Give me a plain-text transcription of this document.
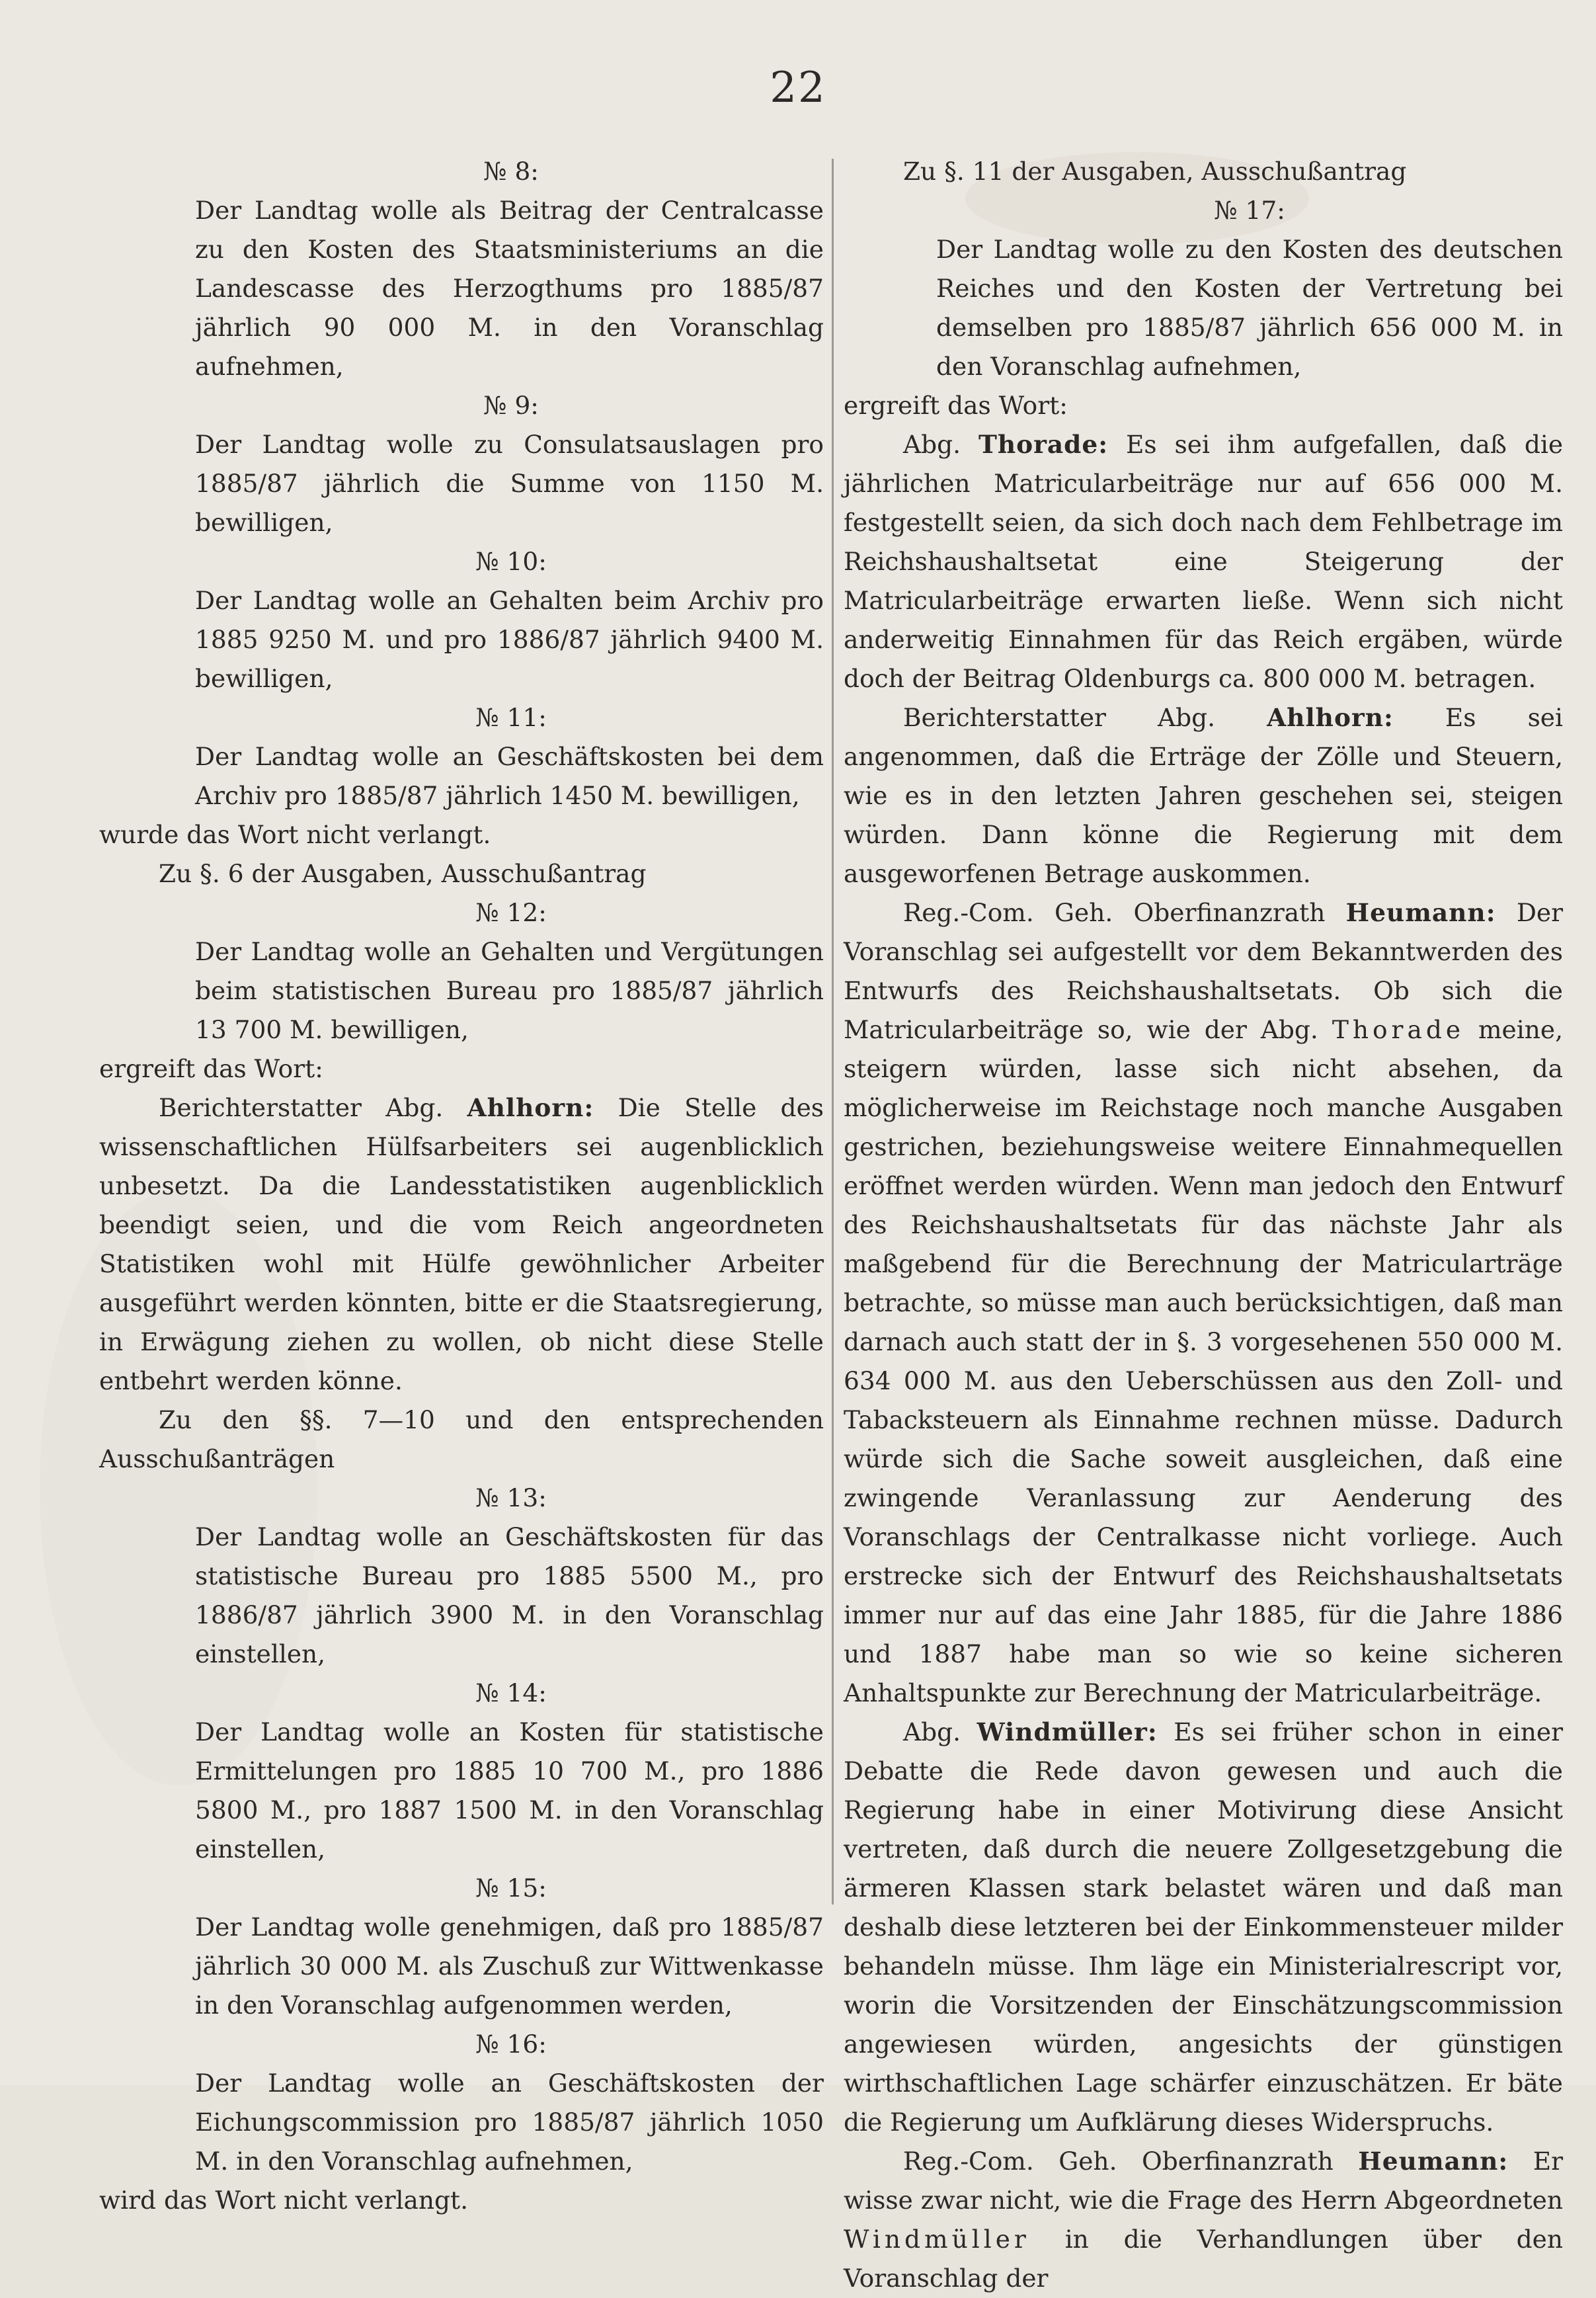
22

№ 8:

Der Landtag wolle als Beitrag der Centralcasse zu den Kosten des Staatsministeriums an die Landescasse des Herzogthums pro 1885/87 jährlich 90 000 M. in den Voranschlag aufnehmen,

№ 9:

Der Landtag wolle zu Consulatsauslagen pro 1885/87 jährlich die Summe von 1150 M. bewilligen,

№ 10:

Der Landtag wolle an Gehalten beim Archiv pro 1885 9250 M. und pro 1886/87 jährlich 9400 M. bewilligen,

№ 11:

Der Landtag wolle an Geschäftskosten bei dem Archiv pro 1885/87 jährlich 1450 M. bewilligen,

wurde das Wort nicht verlangt.

Zu §. 6 der Ausgaben, Ausschußantrag

№ 12:

Der Landtag wolle an Gehalten und Vergütungen beim statistischen Bureau pro 1885/87 jährlich 13 700 M. bewilligen,

ergreift das Wort:

Berichterstatter Abg. Ahlhorn: Die Stelle des wissenschaftlichen Hülfsarbeiters sei augenblicklich unbesetzt. Da die Landesstatistiken augenblicklich beendigt seien, und die vom Reich angeordneten Statistiken wohl mit Hülfe gewöhnlicher Arbeiter ausgeführt werden könnten, bitte er die Staatsregierung, in Erwägung ziehen zu wollen, ob nicht diese Stelle entbehrt werden könne.

Zu den §§. 7—10 und den entsprechenden Ausschußanträgen

№ 13:

Der Landtag wolle an Geschäftskosten für das statistische Bureau pro 1885 5500 M., pro 1886/87 jährlich 3900 M. in den Voranschlag einstellen,

№ 14:

Der Landtag wolle an Kosten für statistische Ermittelungen pro 1885 10 700 M., pro 1886 5800 M., pro 1887 1500 M. in den Voranschlag einstellen,

№ 15:

Der Landtag wolle genehmigen, daß pro 1885/87 jährlich 30 000 M. als Zuschuß zur Wittwenkasse in den Voranschlag aufgenommen werden,

№ 16:

Der Landtag wolle an Geschäftskosten der Eichungscommission pro 1885/87 jährlich 1050 M. in den Voranschlag aufnehmen,

wird das Wort nicht verlangt.

Zu §. 11 der Ausgaben, Ausschußantrag

№ 17:

Der Landtag wolle zu den Kosten des deutschen Reiches und den Kosten der Vertretung bei demselben pro 1885/87 jährlich 656 000 M. in den Voranschlag aufnehmen,

ergreift das Wort:

Abg. Thorade: Es sei ihm aufgefallen, daß die jährlichen Matricularbeiträge nur auf 656 000 M. festgestellt seien, da sich doch nach dem Fehlbetrage im Reichshaushaltsetat eine Steigerung der Matricularbeiträge erwarten ließe. Wenn sich nicht anderweitig Einnahmen für das Reich ergäben, würde doch der Beitrag Oldenburgs ca. 800 000 M. betragen.

Berichterstatter Abg. Ahlhorn: Es sei angenommen, daß die Erträge der Zölle und Steuern, wie es in den letzten Jahren geschehen sei, steigen würden. Dann könne die Regierung mit dem ausgeworfenen Betrage auskommen.

Reg.-Com. Geh. Oberfinanzrath Heumann: Der Voranschlag sei aufgestellt vor dem Bekanntwerden des Entwurfs des Reichshaushaltsetats. Ob sich die Matricularbeiträge so, wie der Abg. Thorade meine, steigern würden, lasse sich nicht absehen, da möglicherweise im Reichstage noch manche Ausgaben gestrichen, beziehungsweise weitere Einnahmequellen eröffnet werden würden. Wenn man jedoch den Entwurf des Reichshaushaltsetats für das nächste Jahr als maßgebend für die Berechnung der Matricularträge betrachte, so müsse man auch berücksichtigen, daß man darnach auch statt der in §. 3 vorgesehenen 550 000 M. 634 000 M. aus den Ueberschüssen aus den Zoll- und Tabacksteuern als Einnahme rechnen müsse. Dadurch würde sich die Sache soweit ausgleichen, daß eine zwingende Veranlassung zur Aenderung des Voranschlags der Centralkasse nicht vorliege. Auch erstrecke sich der Entwurf des Reichshaushaltsetats immer nur auf das eine Jahr 1885, für die Jahre 1886 und 1887 habe man so wie so keine sicheren Anhaltspunkte zur Berechnung der Matricularbeiträge.

Abg. Windmüller: Es sei früher schon in einer Debatte die Rede davon gewesen und auch die Regierung habe in einer Motivirung diese Ansicht vertreten, daß durch die neuere Zollgesetzgebung die ärmeren Klassen stark belastet wären und daß man deshalb diese letzteren bei der Einkommensteuer milder behandeln müsse. Ihm läge ein Ministerialrescript vor, worin die Vorsitzenden der Einschätzungscommission angewiesen würden, angesichts der günstigen wirthschaftlichen Lage schärfer einzuschätzen. Er bäte die Regierung um Aufklärung dieses Widerspruchs.

Reg.-Com. Geh. Oberfinanzrath Heumann: Er wisse zwar nicht, wie die Frage des Herrn Abgeordneten Windmüller in die Verhandlungen über den Voranschlag der
